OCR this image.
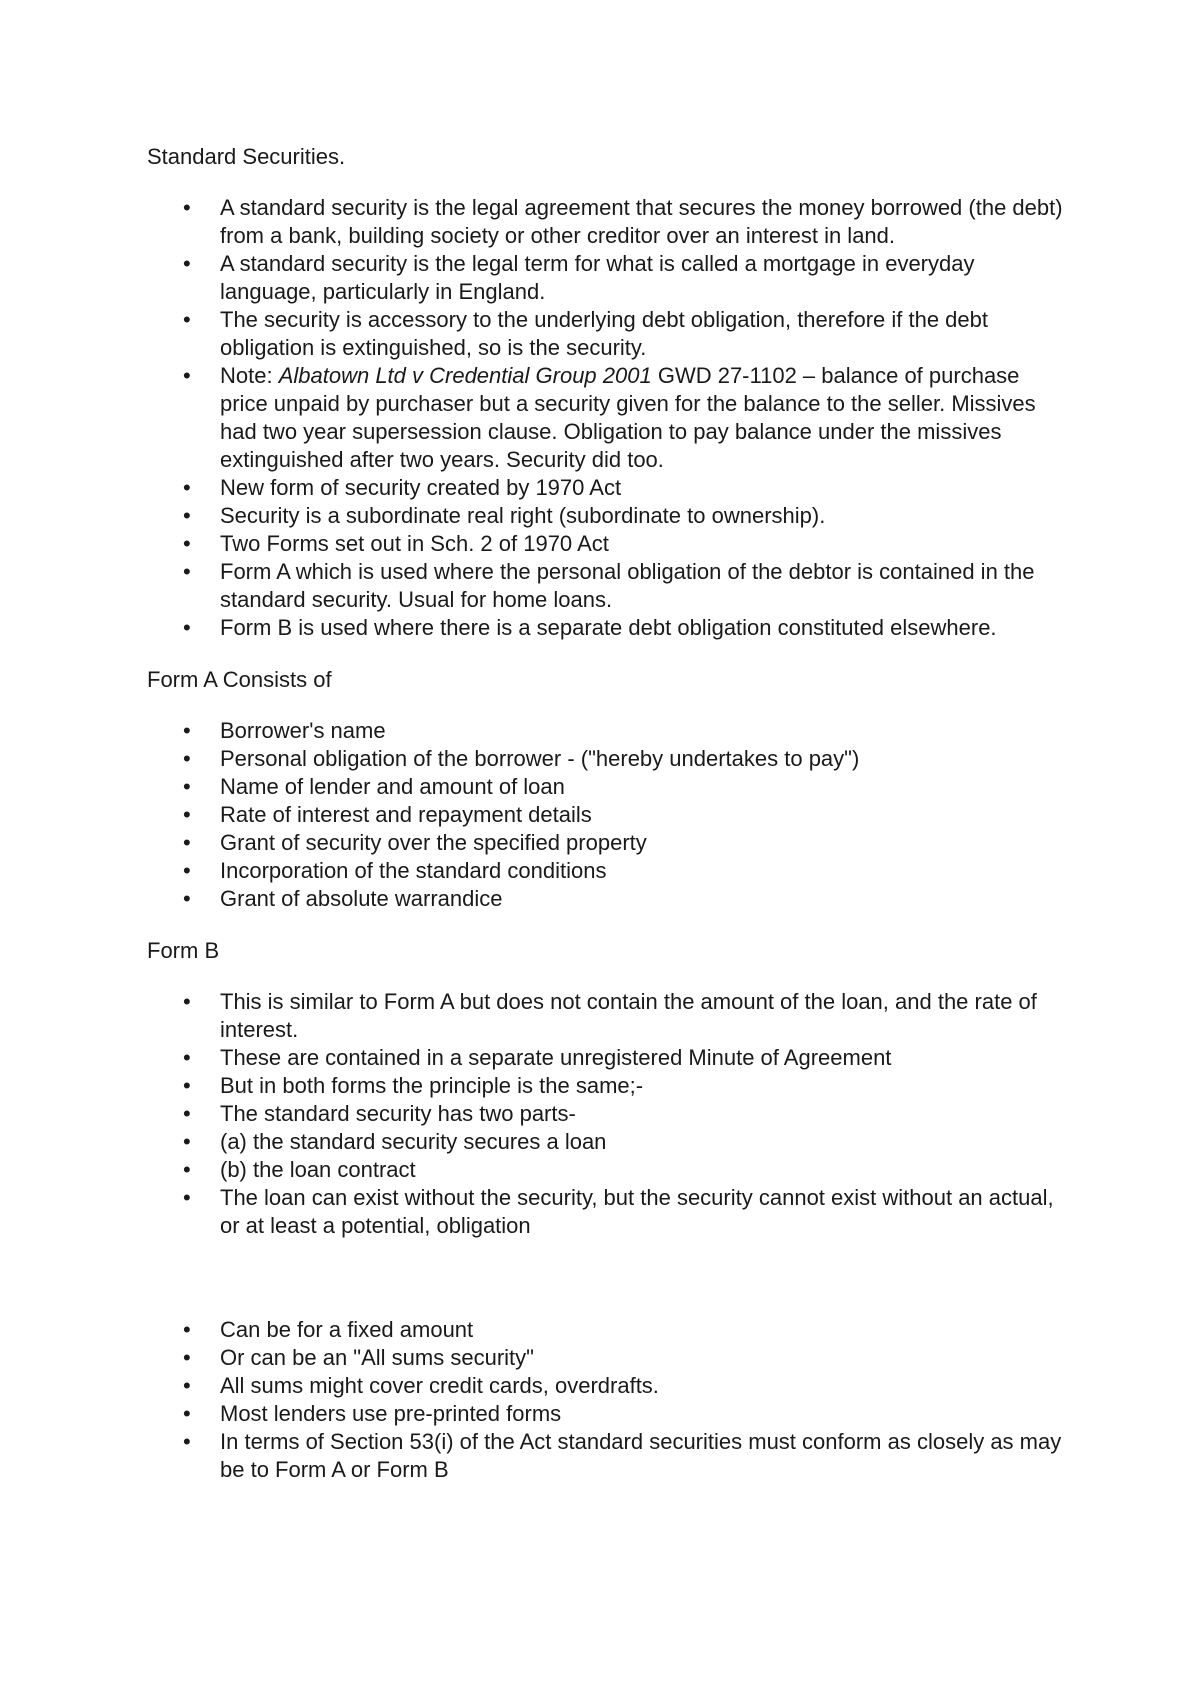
Standard Securities.

• A standard security is the legal agreement that secures the money borrowed (the debt) from a bank, building society or other creditor over an interest in land.
• A standard security is the legal term for what is called a mortgage in everyday language, particularly in England.
• The security is accessory to the underlying debt obligation, therefore if the debt obligation is extinguished, so is the security.
• Note: Albatown Ltd v Credential Group 2001 GWD 27-1102 – balance of purchase price unpaid by purchaser but a security given for the balance to the seller. Missives had two year supersession clause. Obligation to pay balance under the missives extinguished after two years. Security did too.
• New form of security created by 1970 Act
• Security is a subordinate real right (subordinate to ownership).
• Two Forms set out in Sch. 2 of 1970 Act
• Form A which is used where the personal obligation of the debtor is contained in the standard security. Usual for home loans.
• Form B is used where there is a separate debt obligation constituted elsewhere.

Form A Consists of

• Borrower's name
• Personal obligation of the borrower - ("hereby undertakes to pay")
• Name of lender and amount of loan
• Rate of interest and repayment details
• Grant of security over the specified property
• Incorporation of the standard conditions
• Grant of absolute warrandice

Form B

• This is similar to Form A but does not contain the amount of the loan, and the rate of interest.
• These are contained in a separate unregistered Minute of Agreement
• But in both forms the principle is the same;-
• The standard security has two parts-
• (a) the standard security secures a loan
• (b) the loan contract
• The loan can exist without the security, but the security cannot exist without an actual, or at least a potential, obligation
• Can be for a fixed amount
• Or can be an "All sums security"
• All sums might cover credit cards, overdrafts.
• Most lenders use pre-printed forms
• In terms of Section 53(i) of the Act standard securities must conform as closely as may be to Form A or Form B
